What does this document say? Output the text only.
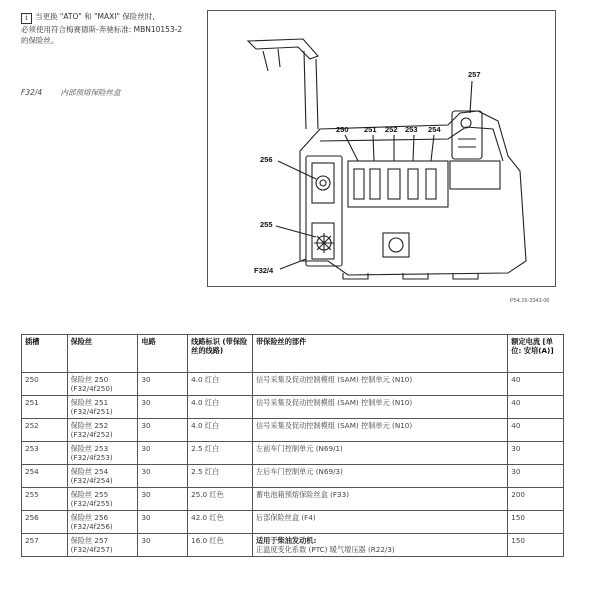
i 当更换 "ATO" 和 "MAXI" 保险丝时,
必须使用符合梅赛德斯-奔驰标准: MBN10153-2
的保险丝。
F32/4 内部预熔保险丝盒
257
250 251 252 253 254
256
255
F32/4
P54.15-3343-06
插槽	保险丝	电路	线路标识 (带保险丝的线路)	带保险丝的部件	额定电流 [单位: 安培(A)]
250	保险丝 250 (F32/4f250)	30	4.0 红白	信号采集及促动控制模组 (SAM) 控制单元 (N10)	40
251	保险丝 251 (F32/4f251)	30	4.0 红白	信号采集及促动控制模组 (SAM) 控制单元 (N10)	40
252	保险丝 252 (F32/4f252)	30	4.0 红白	信号采集及促动控制模组 (SAM) 控制单元 (N10)	40
253	保险丝 253 (F32/4f253)	30	2.5 红白	左前车门控制单元 (N69/1)	30
254	保险丝 254 (F32/4f254)	30	2.5 红白	左后车门控制单元 (N69/3)	30
255	保险丝 255 (F32/4f255)	30	25.0 红色	蓄电池箱预熔保险丝盒 (F33)	200
256	保险丝 256 (F32/4f256)	30	42.0 红色	后部保险丝盒 (F4)	150
257	保险丝 257 (F32/4f257)	30	16.0 红色	适用于柴油发动机:
正温度变化系数 (PTC) 暖气增压器 (R22/3)	150
